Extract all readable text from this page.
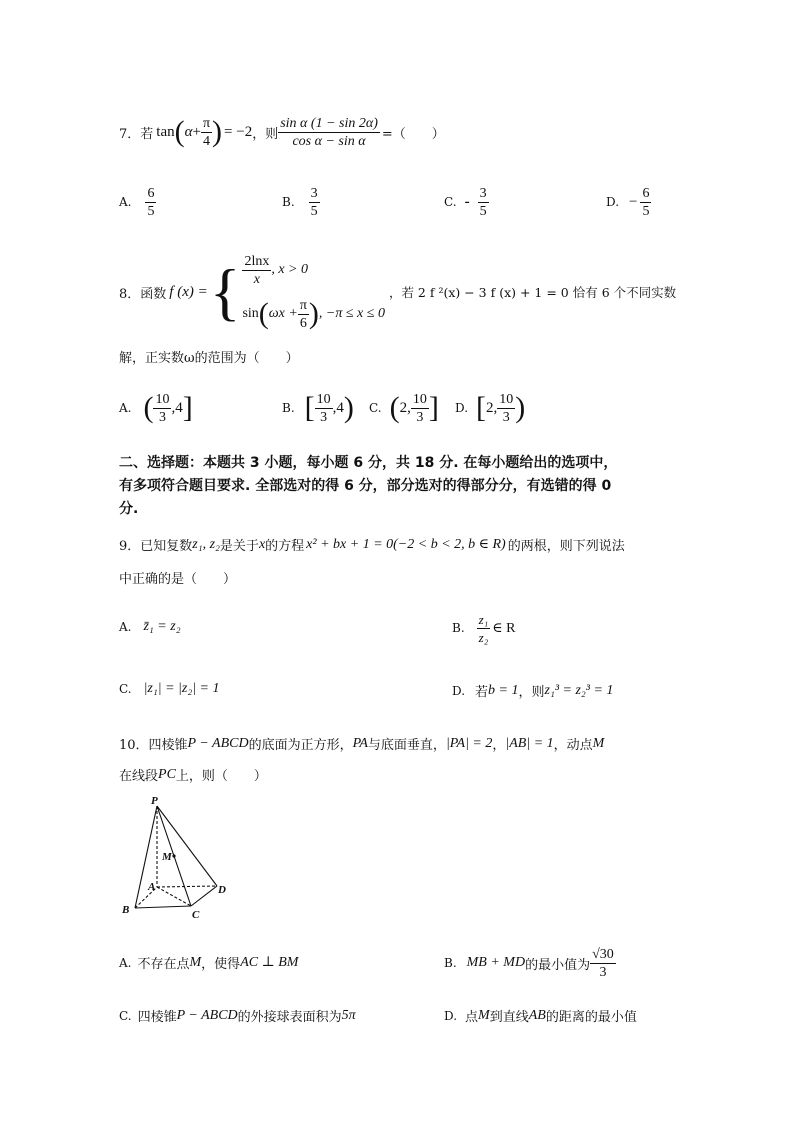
7．若 tan ( $\alpha + \frac{\pi}{4}$ ) = −2 ，则 $\frac{\text{sin α (1 − sin 2α)}}{\text{cos α − sin α}}$ =（　　）
A. $\frac{6}{5}$	B. $\frac{3}{5}$	C. - $\frac{3}{5}$	D. − $\frac{6}{5}$
8．函数 f (x) = { $\frac{2\ln x}{x}$ , x > 0
sin ( $\omega x + \frac{\pi}{6}$ ) , −π ≤ x ≤ 0
，若 2 f ²(x) − 3 f (x) + 1 = 0 恰有 6 个不同实数
解，正实数ω的范围为（　　）
A. ( $\frac{10}{3} ,4$ ]	B. [ $\frac{10}{3} ,4$ ) C. ( 2, $\frac{10}{3}$ ] D. [ 2, $\frac{10}{3}$ )
二、选择题：本题共 3 小题，每小题 6 分，共 18 分. 在每小题给出的选项中，
有多项符合题目要求. 全部选对的得 6 分，部分选对的得部分分，有选错的得 0
分.
9．已知复数 z₁, z₂ 是关于 x 的方程 x² + bx + 1 = 0(−2 < b < 2, b ∈ R) 的两根，则下列说法
中正确的是（　　）
A. z̄₁ = z₂	B. $\frac{\text{z₁}}{\text{z₂}}$ ∈ R
C. |z₁| = |z₂| = 1	D. 若 b = 1 ，则 z₁³ = z₂³ = 1
10．四棱锥 P − ABCD 的底面为正方形， PA 与底面垂直， |PA| = 2 ， |AB| = 1 ，动点 M
在线段 PC 上，则（　　）
P
M
A
B	C
D
A. 不存在点 M ，使得 AC ⊥ BM	B. MB + MD 的最小值为 $\frac{√30}{3}$
C. 四棱锥 P − ABCD 的外接球表面积为 5π	D. 点 M 到直线 AB 的距离的最小值
